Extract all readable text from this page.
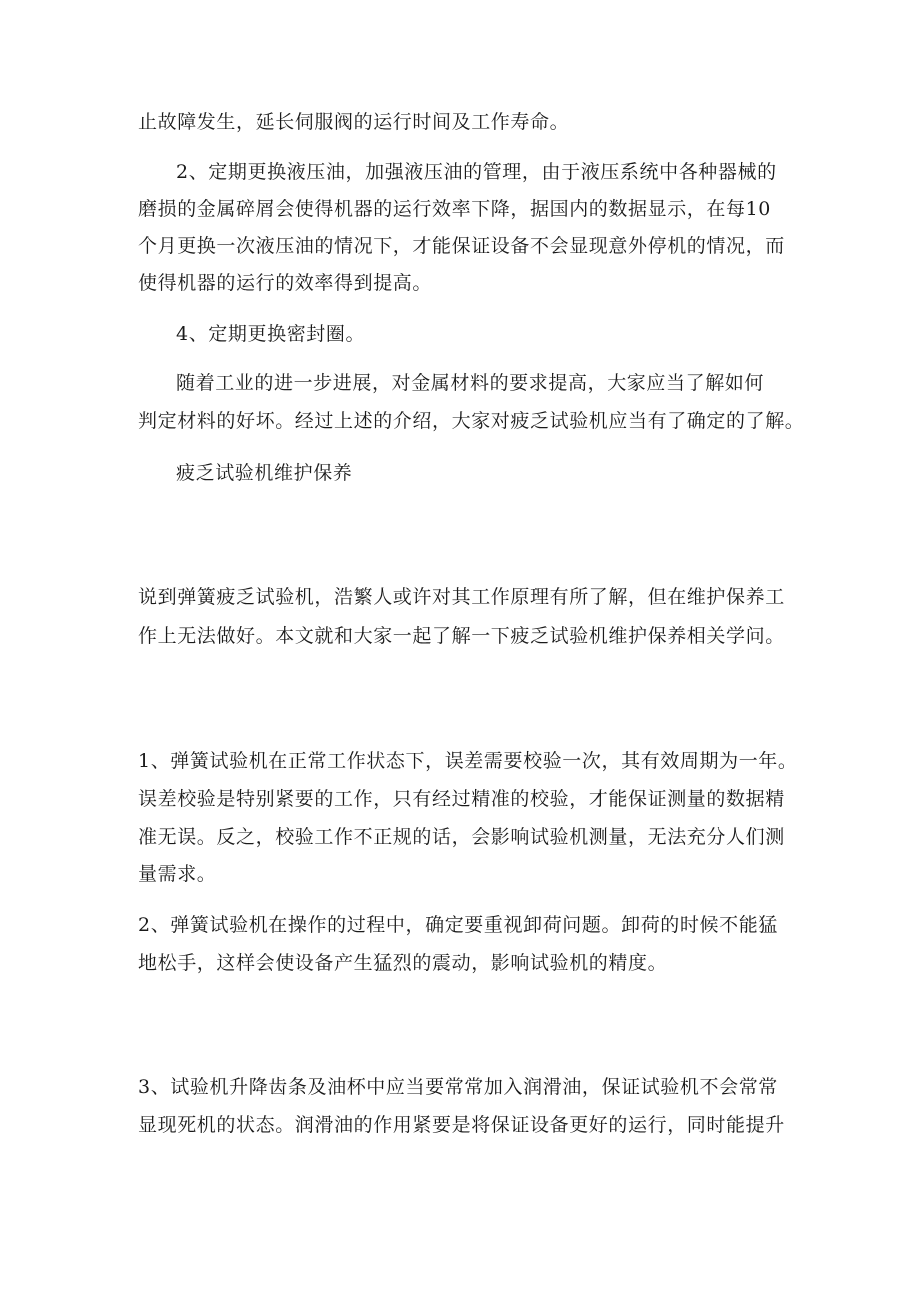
止故障发生，延长伺服阀的运行时间及工作寿命。
2、定期更换液压油，加强液压油的管理，由于液压系统中各种器械的
磨损的金属碎屑会使得机器的运行效率下降，据国内的数据显示，在每10
个月更换一次液压油的情况下，才能保证设备不会显现意外停机的情况，而
使得机器的运行的效率得到提高。
4、定期更换密封圈。
随着工业的进一步进展，对金属材料的要求提高，大家应当了解如何
判定材料的好坏。经过上述的介绍，大家对疲乏试验机应当有了确定的了解。
疲乏试验机维护保养
说到弹簧疲乏试验机，浩繁人或许对其工作原理有所了解，但在维护保养工
作上无法做好。本文就和大家一起了解一下疲乏试验机维护保养相关学问。
1、弹簧试验机在正常工作状态下，误差需要校验一次，其有效周期为一年。
误差校验是特别紧要的工作，只有经过精准的校验，才能保证测量的数据精
准无误。反之，校验工作不正规的话，会影响试验机测量，无法充分人们测
量需求。
2、弹簧试验机在操作的过程中，确定要重视卸荷问题。卸荷的时候不能猛
地松手，这样会使设备产生猛烈的震动，影响试验机的精度。
3、试验机升降齿条及油杯中应当要常常加入润滑油，保证试验机不会常常
显现死机的状态。润滑油的作用紧要是将保证设备更好的运行，同时能提升
